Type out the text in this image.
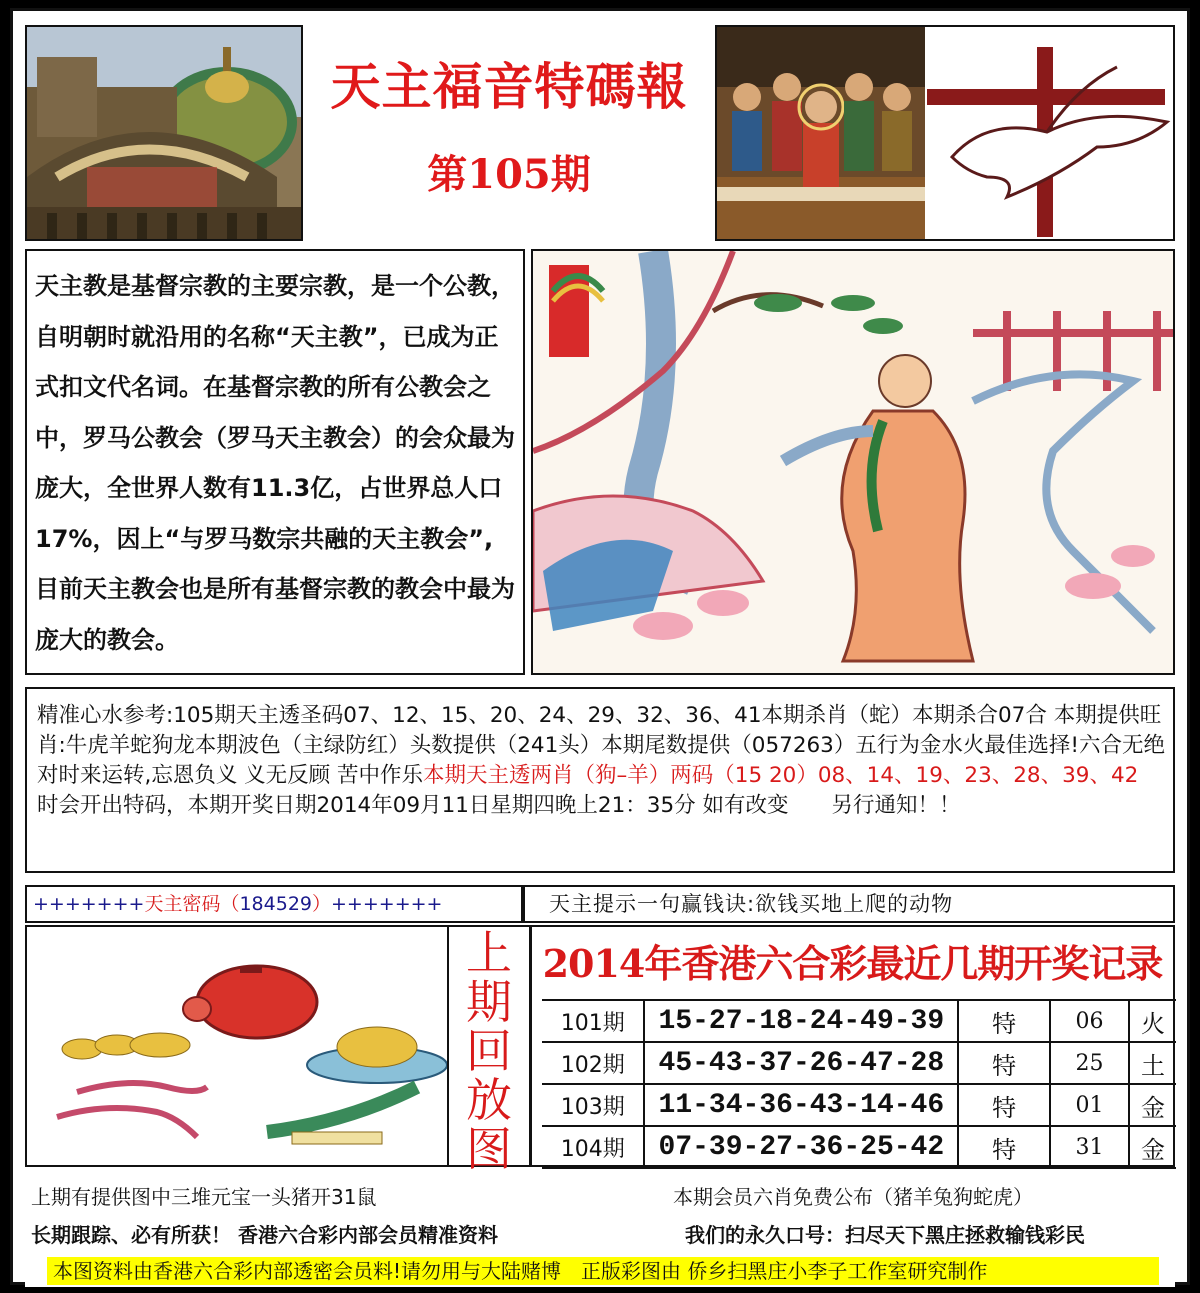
天主福音特碼報
第105期

天主教是基督宗教的主要宗教，是一个公教，自明朝时就沿用的名称“天主教”，已成为正式扣文代名词。在基督宗教的所有公教会之中，罗马公教会（罗马天主教会）的会众最为庞大，全世界人数有11.3亿，占世界总人口17%，因上“与罗马数宗共融的天主教会”,目前天主教会也是所有基督宗教的教会中最为庞大的教会。

精准心水参考:105期天主透圣码07、12、15、20、24、29、32、36、41本期杀肖（蛇）本期杀合07合 本期提供旺肖:牛虎羊蛇狗龙本期波色（主绿防红）头数提供（241头）本期尾数提供（057263）五行为金水火最佳选择!六合无绝对时来运转,忘恩负义 义无反顾 苦中作乐本期天主透两肖（狗–羊）两码（15 20）08、14、19、23、28、39、42
时会开出特码，本期开奖日期2014年09月11日星期四晚上21：35分 如有改变　　另行通知！！
+++++++天主密码（184529）+++++++	天主提示一句赢钱诀:欲钱买地上爬的动物
上
期
回
放
图
2014年香港六合彩最近几期开奖记录
101期	15-27-18-24-49-39	特	06	火
102期	45-43-37-26-47-28	特	25	土
103期	11-34-36-43-14-46	特	01	金
104期	07-39-27-36-25-42	特	31	金
上期有提供图中三堆元宝一头猪开31鼠	本期会员六肖免费公布（猪羊兔狗蛇虎）
长期跟踪、必有所获！ 香港六合彩内部会员精准资料	我们的永久口号：扫尽天下黑庄拯救输钱彩民
本图资料由香港六合彩内部透密会员料!请勿用与大陆赌博　正版彩图由 侨乡扫黑庄小李子工作室研究制作
